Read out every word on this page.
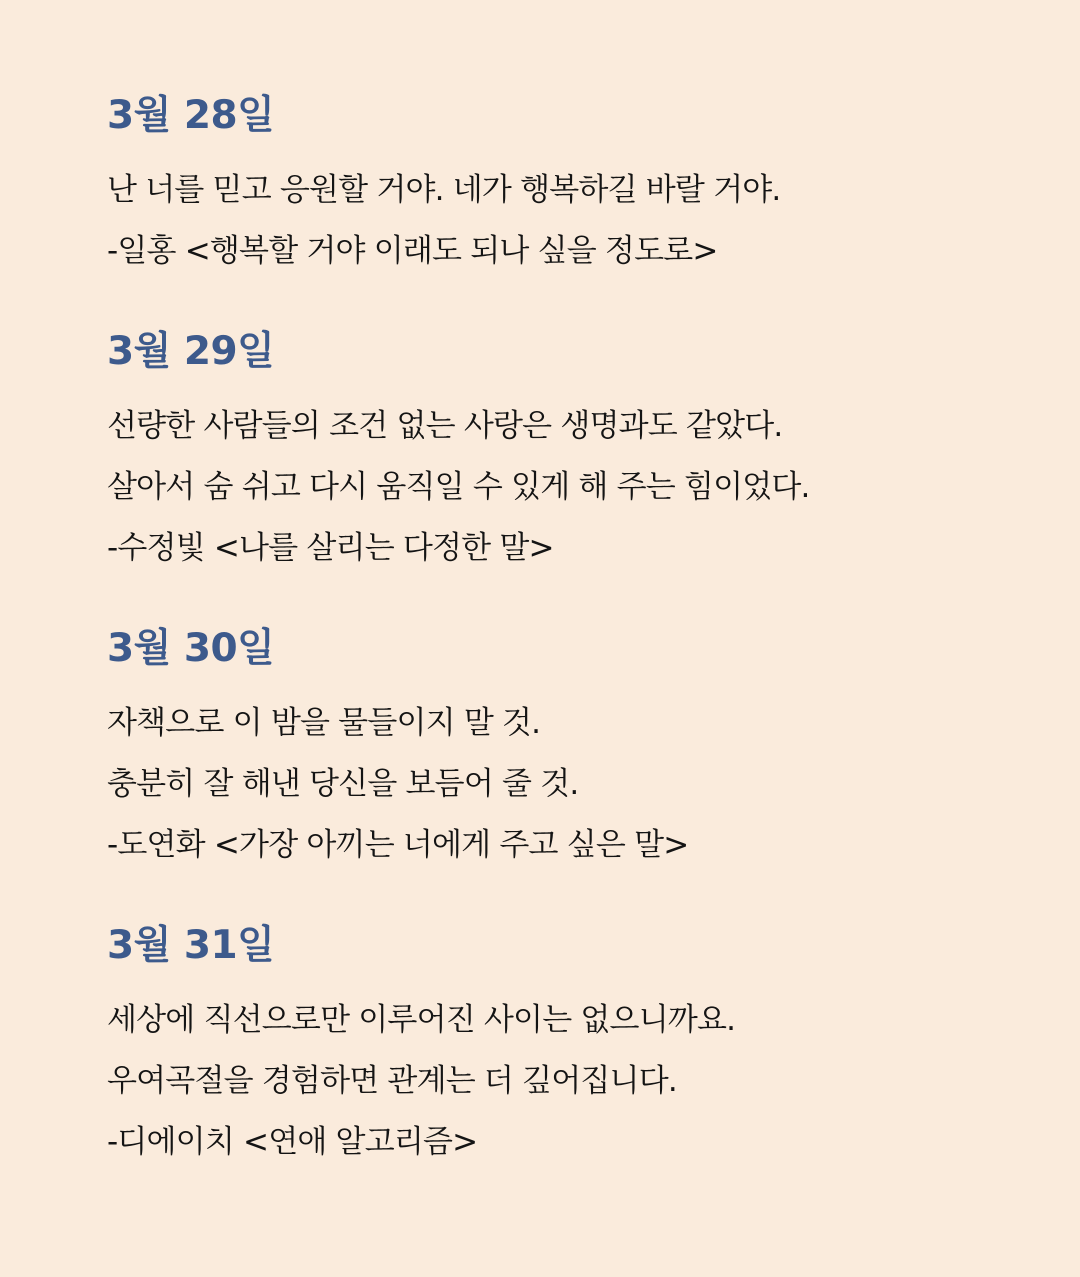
3월 28일

난 너를 믿고 응원할 거야. 네가 행복하길 바랄 거야.

-일홍 <행복할 거야 이래도 되나 싶을 정도로>

3월 29일

선량한 사람들의 조건 없는 사랑은 생명과도 같았다.

살아서 숨 쉬고 다시 움직일 수 있게 해 주는 힘이었다.

-수정빛 <나를 살리는 다정한 말>

3월 30일

자책으로 이 밤을 물들이지 말 것.

충분히 잘 해낸 당신을 보듬어 줄 것.

-도연화 <가장 아끼는 너에게 주고 싶은 말>

3월 31일

세상에 직선으로만 이루어진 사이는 없으니까요.

우여곡절을 경험하면 관계는 더 깊어집니다.

-디에이치 <연애 알고리즘>
